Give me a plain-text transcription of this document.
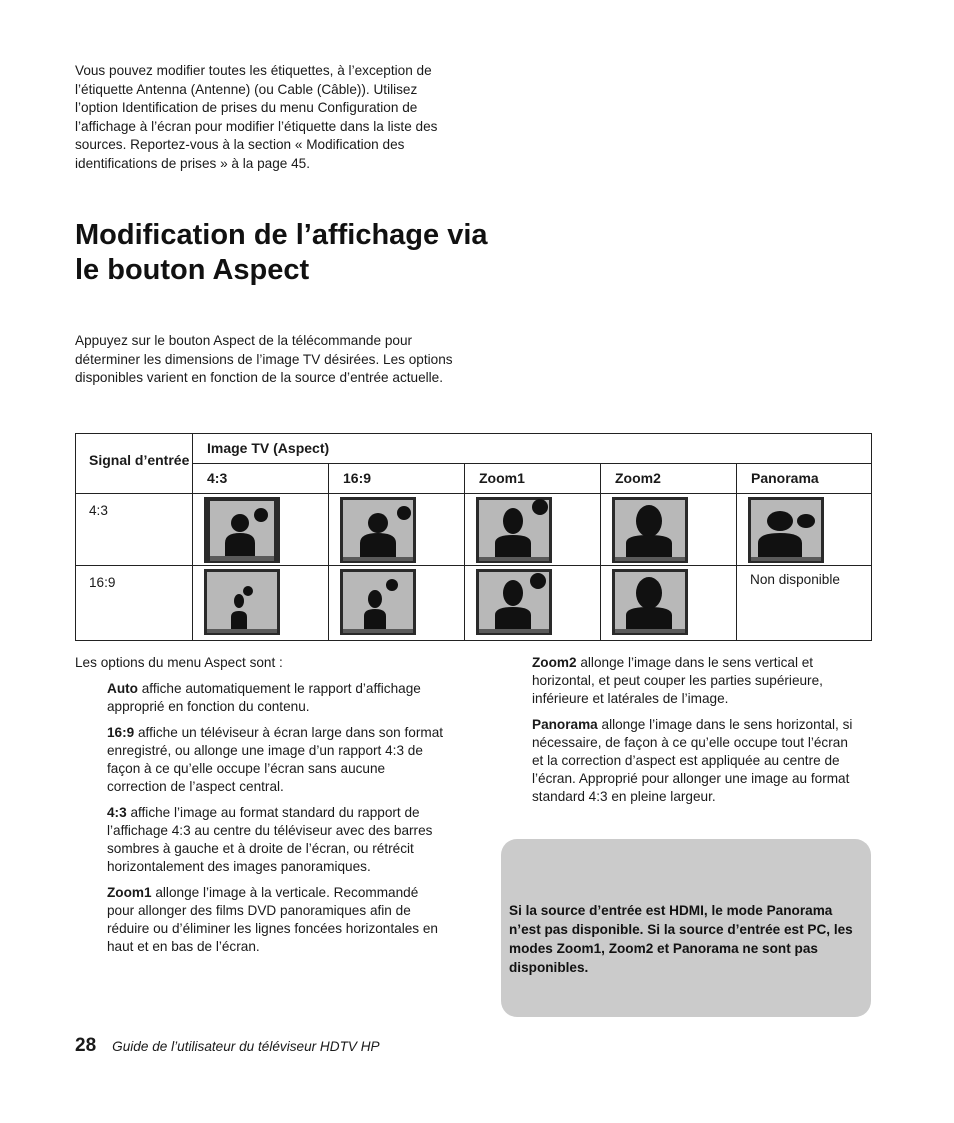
Vous pouvez modifier toutes les étiquettes, à l’exception de l’étiquette Antenna (Antenne) (ou Cable (Câble)). Utilisez l’option Identification de prises du menu Configuration de l’affichage à l’écran pour modifier l’étiquette dans la liste des sources. Reportez-vous à la section « Modification des identifications de prises » à la page 45.

Modification de l’affichage via le bouton Aspect

Appuyez sur le bouton Aspect de la télécommande pour déterminer les dimensions de l’image TV désirées. Les options disponibles varient en fonction de la source d’entrée actuelle.

Signal d’entrée	Image TV (Aspect)				

	4:3	16:9	Zoom1	Zoom2	Panorama

4:3	

16:9					Non disponible

Les options du menu Aspect sont :

Auto affiche automatiquement le rapport d’affichage approprié en fonction du contenu.

16:9 affiche un téléviseur à écran large dans son format enregistré, ou allonge une image d’un rapport 4:3 de façon à ce qu’elle occupe l’écran sans aucune correction de l’aspect central.

4:3 affiche l’image au format standard du rapport de l’affichage 4:3 au centre du téléviseur avec des barres sombres à gauche et à droite de l’écran, ou rétrécit horizontalement des images panoramiques.

Zoom1 allonge l’image à la verticale. Recommandé pour allonger des films DVD panoramiques afin de réduire ou d’éliminer les lignes foncées horizontales en haut et en bas de l’écran.

Zoom2 allonge l’image dans le sens vertical et horizontal, et peut couper les parties supérieure, inférieure et latérales de l’image.

Panorama allonge l’image dans le sens horizontal, si nécessaire, de façon à ce qu’elle occupe tout l’écran et la correction d’aspect est appliquée au centre de l’écran. Approprié pour allonger une image au format standard 4:3 en pleine largeur.

Si la source d’entrée est HDMI, le mode Panorama n’est pas disponible. Si la source d’entrée est PC, les modes Zoom1, Zoom2 et Panorama ne sont pas disponibles.

28 Guide de l’utilisateur du téléviseur HDTV HP
